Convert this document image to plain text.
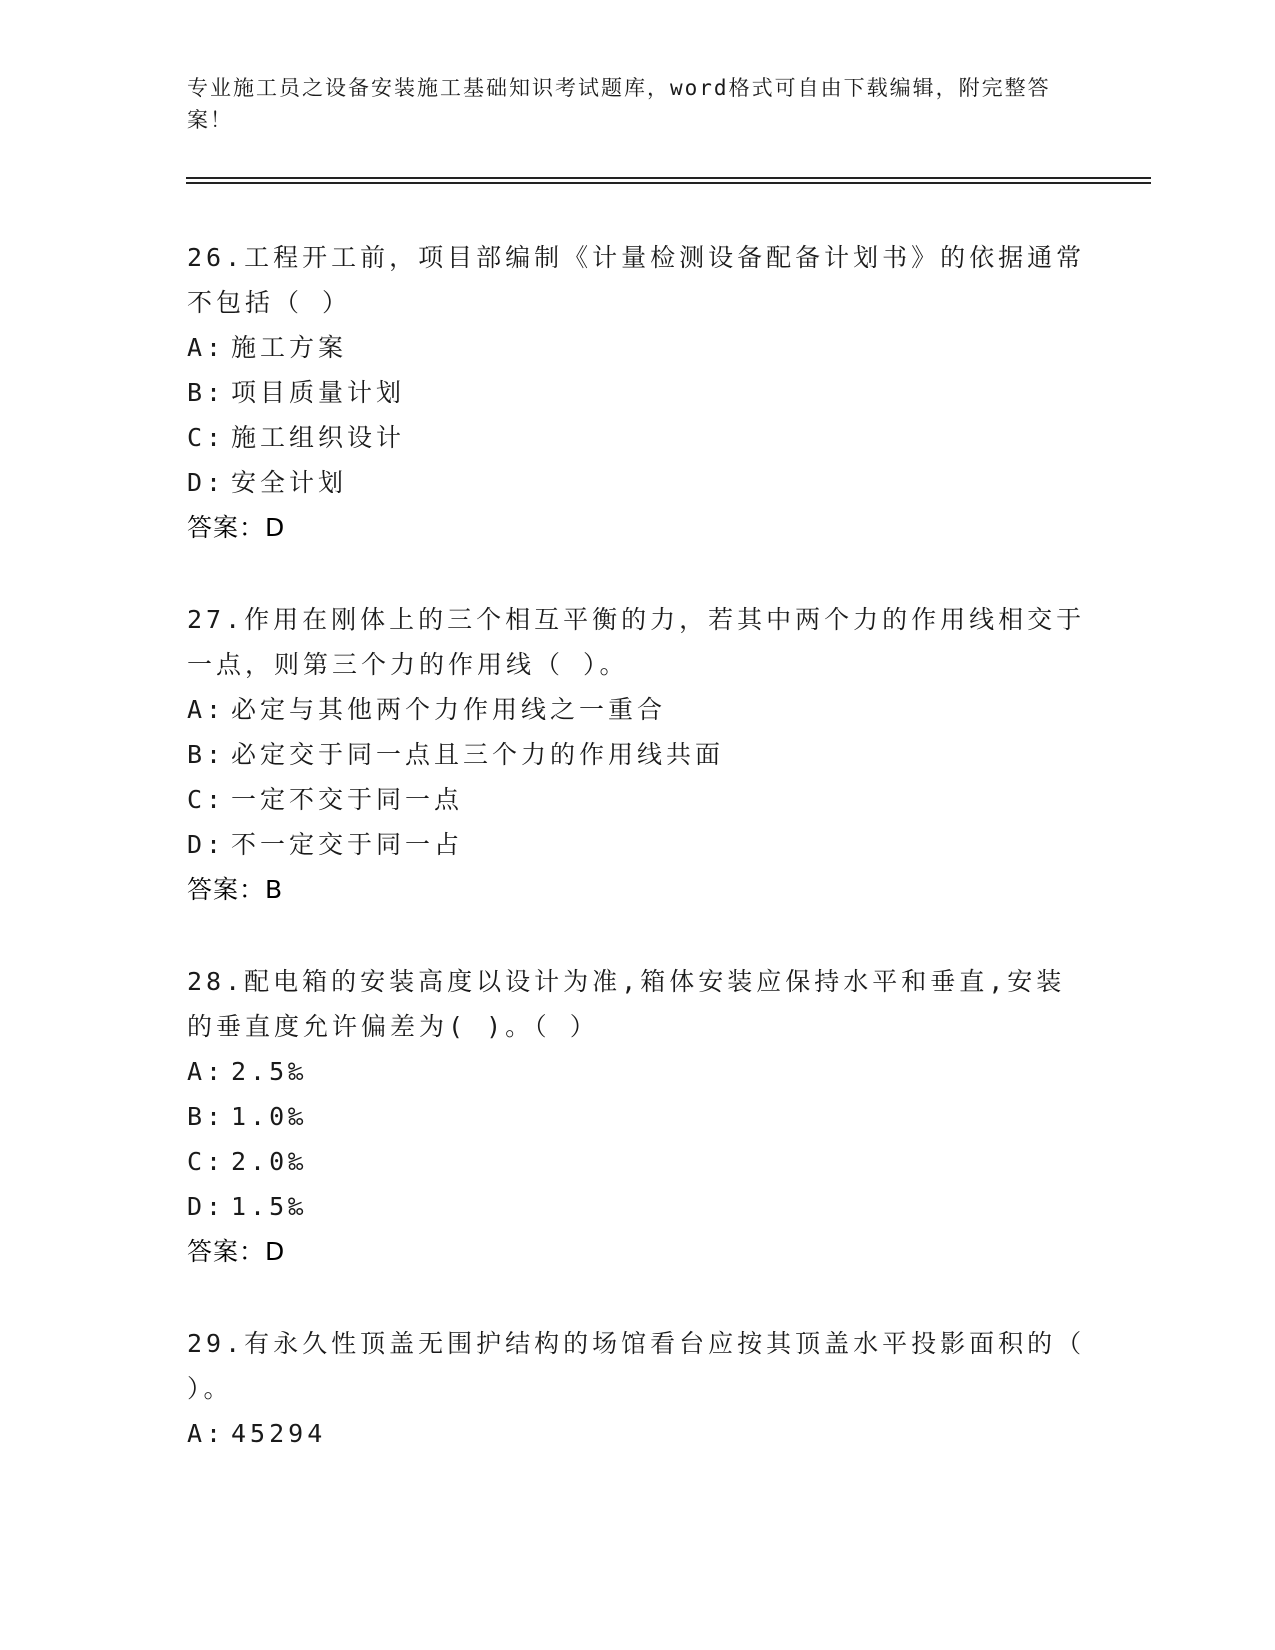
专业施工员之设备安装施工基础知识考试题库，word格式可自由下载编辑，附完整答案！
26.工程开工前，项目部编制《计量检测设备配备计划书》的依据通常不包括（ ）
A: 施工方案
B: 项目质量计划
C: 施工组织设计
D: 安全计划
答案：D
27.作用在刚体上的三个相互平衡的力，若其中两个力的作用线相交于一点，则第三个力的作用线（ ）。
A: 必定与其他两个力作用线之一重合
B: 必定交于同一点且三个力的作用线共面
C: 一定不交于同一点
D: 不一定交于同一占
答案：B
28.配电箱的安装高度以设计为准,箱体安装应保持水平和垂直,安装的垂直度允许偏差为( )。（ ）
A: 2.5‰
B: 1.0‰
C: 2.0‰
D: 1.5‰
答案：D
29.有永久性顶盖无围护结构的场馆看台应按其顶盖水平投影面积的（ ）。
A: 45294
